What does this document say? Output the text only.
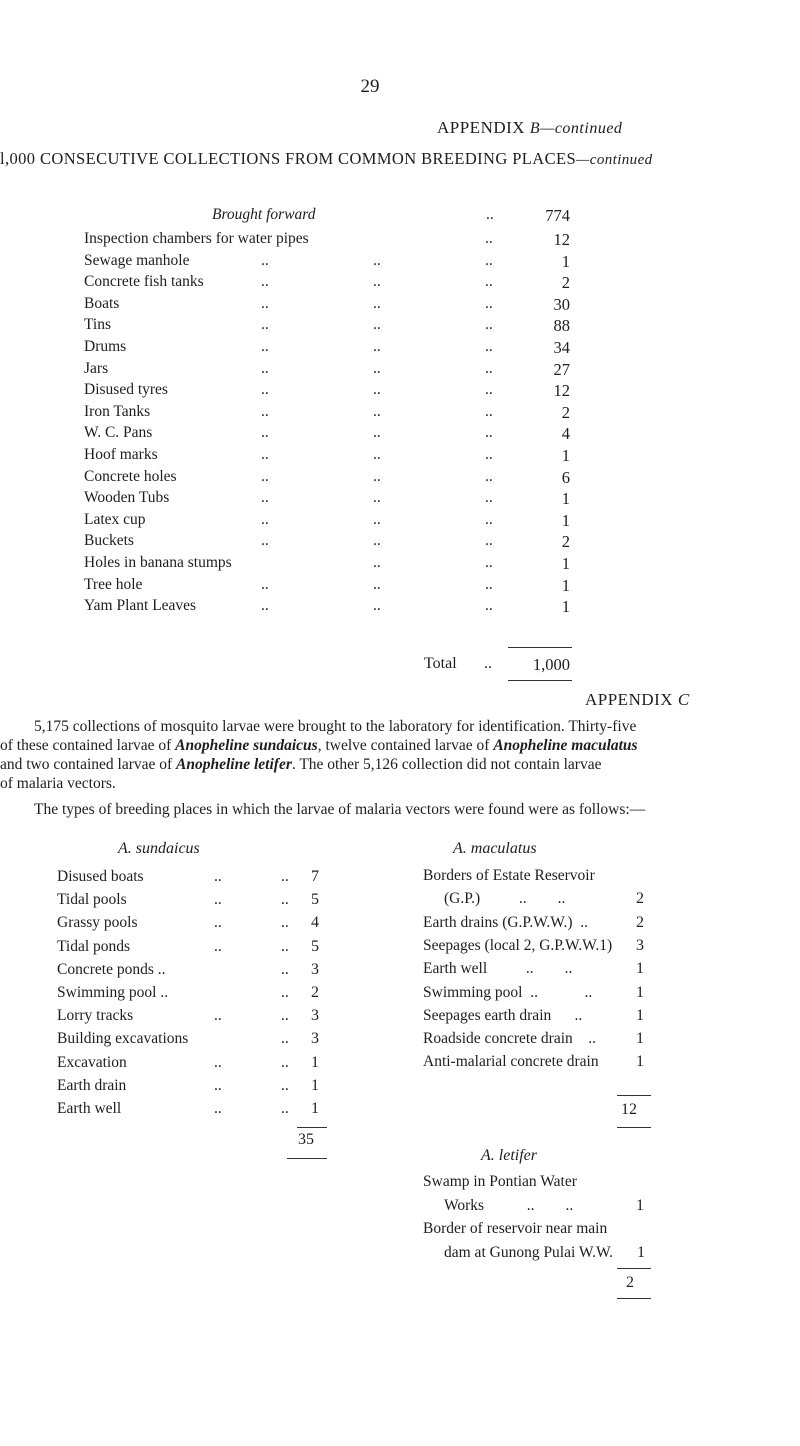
29
APPENDIX B—continued
l,000 CONSECUTIVE COLLECTIONS FROM COMMON BREEDING PLACES—continued
Brought forward	..	774
Inspection chambers for water pipes	..	12
Sewage manhole	..	..	..	1
Concrete fish tanks	..	..	..	2
Boats	..	..	..	30
Tins	..	..	..	88
Drums	..	..	..	34
Jars	..	..	..	27
Disused tyres	..	..	..	12
Iron Tanks	..	..	..	2
W. C. Pans	..	..	..	4
Hoof marks	..	..	..	1
Concrete holes	..	..	..	6
Wooden Tubs	..	..	..	1
Latex cup	..	..	..	1
Buckets	..	..	..	2
Holes in banana stumps	..	..	1
Tree hole	..	..	..	1
Yam Plant Leaves	..	..	..	1
Total ..	1,000
APPENDIX C
5,175 collections of mosquito larvae were brought to the laboratory for identification. Thirty-five
of these contained larvae of Anopheline sundaicus, twelve contained larvae of Anopheline maculatus
and two contained larvae of Anopheline letifer. The other 5,126 collection did not contain larvae
of malaria vectors.
The types of breeding places in which the larvae of malaria vectors were found were as follows:—
A. sundaicus
Disused boats	..	..	7
Tidal pools	..	..	5
Grassy pools	..	..	4
Tidal ponds	..	..	5
Concrete ponds ..	..	3
Swimming pool ..	..	2
Lorry tracks	..	..	3
Building excavations	..	3
Excavation	..	..	1
Earth drain	..	..	1
Earth well	..	..	1
35
A. maculatus
Borders of Estate Reservoir
(G.P.)          ..        ..	2
Earth drains (G.P.W.W.)  ..	2
Seepages (local 2, G.P.W.W.1)	3
Earth well          ..        ..	1
Swimming pool  ..            ..	1
Seepages earth drain      ..	1
Roadside concrete drain    ..	1
Anti-malarial concrete drain	1
12
A. letifer
Swamp in Pontian Water
Works           ..        ..	1
Border of reservoir near main
dam at Gunong Pulai W.W.	1
2
